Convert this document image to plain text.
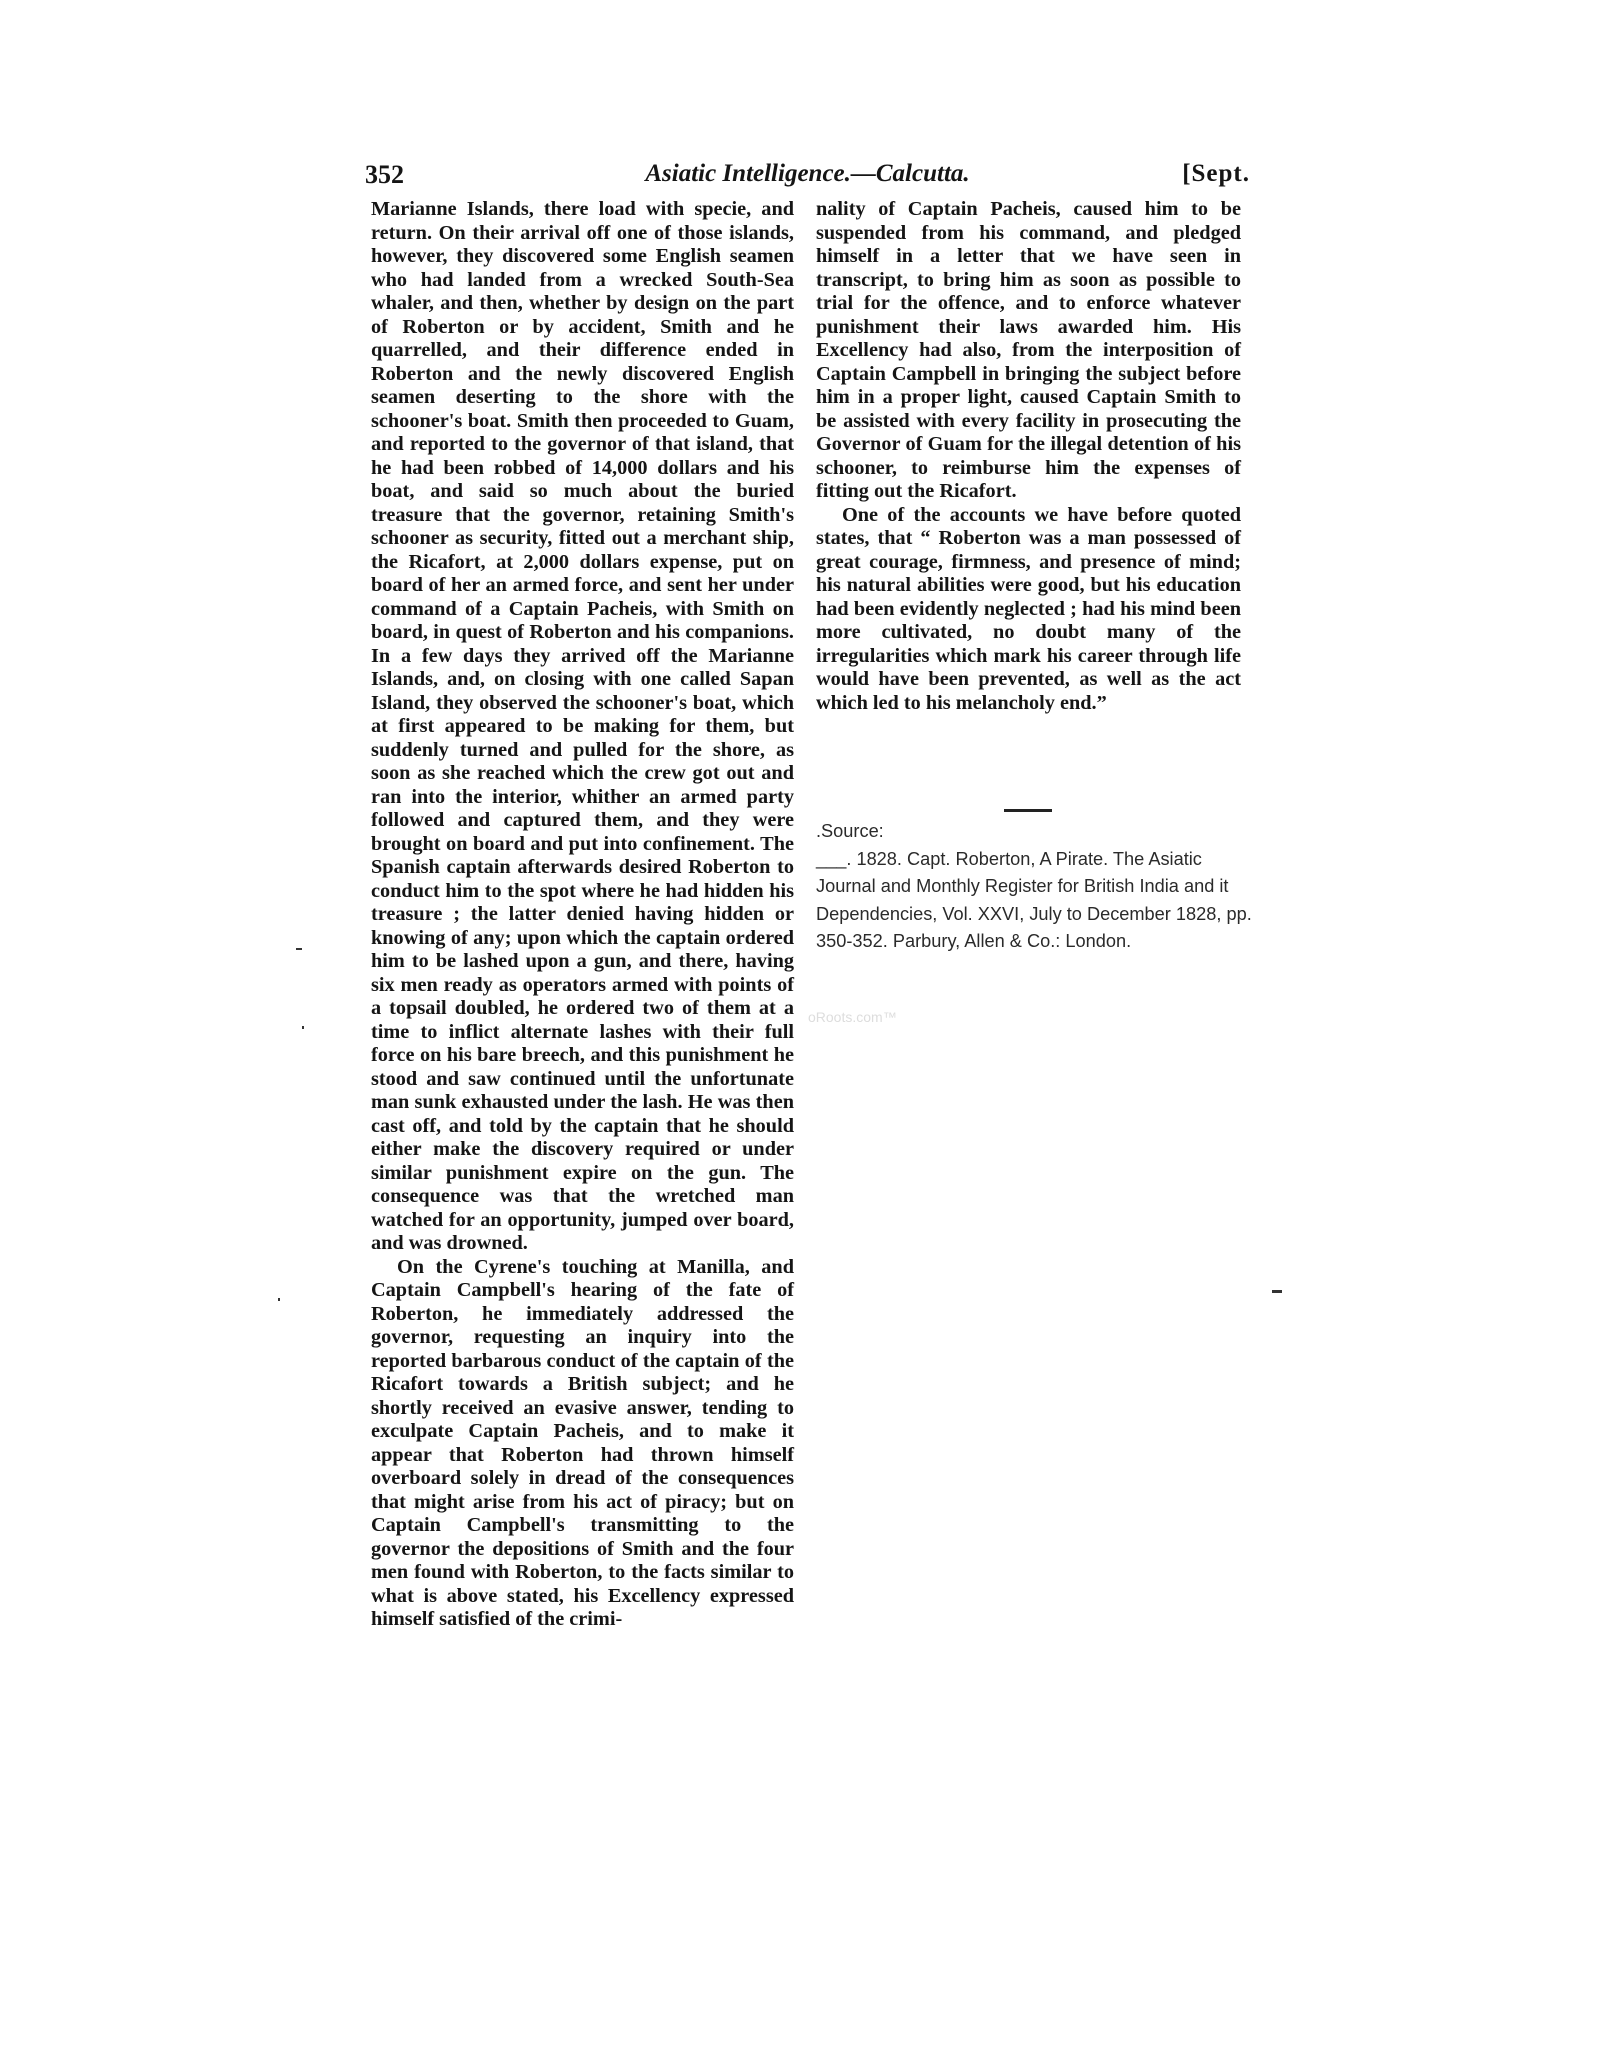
352	Asiatic Intelligence.—Calcutta.	[Sept.

Marianne Islands, there load with specie, and return. On their arrival off one of those islands, however, they discovered some English seamen who had landed from a wrecked South-Sea whaler, and then, whether by design on the part of Roberton or by accident, Smith and he quarrelled, and their difference ended in Roberton and the newly discovered English seamen deserting to the shore with the schooner's boat. Smith then proceeded to Guam, and reported to the governor of that island, that he had been robbed of 14,000 dollars and his boat, and said so much about the buried treasure that the governor, retaining Smith's schooner as security, fitted out a merchant ship, the Ricafort, at 2,000 dollars expense, put on board of her an armed force, and sent her under command of a Captain Pacheis, with Smith on board, in quest of Roberton and his companions. In a few days they arrived off the Marianne Islands, and, on closing with one called Sapan Island, they observed the schooner's boat, which at first appeared to be making for them, but suddenly turned and pulled for the shore, as soon as she reached which the crew got out and ran into the interior, whither an armed party followed and captured them, and they were brought on board and put into confinement. The Spanish captain afterwards desired Roberton to conduct him to the spot where he had hidden his treasure ; the latter denied having hidden or knowing of any; upon which the captain ordered him to be lashed upon a gun, and there, having six men ready as operators armed with points of a topsail doubled, he ordered two of them at a time to inflict alternate lashes with their full force on his bare breech, and this punishment he stood and saw continued until the unfortunate man sunk exhausted under the lash. He was then cast off, and told by the captain that he should either make the discovery required or under similar punishment expire on the gun. The consequence was that the wretched man watched for an opportunity, jumped over board, and was drowned.

On the Cyrene's touching at Manilla, and Captain Campbell's hearing of the fate of Roberton, he immediately addressed the governor, requesting an inquiry into the reported barbarous conduct of the captain of the Ricafort towards a British subject; and he shortly received an evasive answer, tending to exculpate Captain Pacheis, and to make it appear that Roberton had thrown himself overboard solely in dread of the consequences that might arise from his act of piracy; but on Captain Campbell's transmitting to the governor the depositions of Smith and the four men found with Roberton, to the facts similar to what is above stated, his Excellency expressed himself satisfied of the crimi-

nality of Captain Pacheis, caused him to be suspended from his command, and pledged himself in a letter that we have seen in transcript, to bring him as soon as possible to trial for the offence, and to enforce whatever punishment their laws awarded him. His Excellency had also, from the interposition of Captain Campbell in bringing the subject before him in a proper light, caused Captain Smith to be assisted with every facility in prosecuting the Governor of Guam for the illegal detention of his schooner, to reimburse him the expenses of fitting out the Ricafort.

One of the accounts we have before quoted states, that “ Roberton was a man possessed of great courage, firmness, and presence of mind; his natural abilities were good, but his education had been evidently neglected ; had his mind been more cultivated, no doubt many of the irregularities which mark his career through life would have been prevented, as well as the act which led to his melancholy end.”

.Source:

___. 1828. Capt. Roberton, A Pirate. The Asiatic Journal and Monthly Register for British India and it Dependencies, Vol. XXVI, July to December 1828, pp. 350-352. Parbury, Allen & Co.: London.

oRoots.com™
